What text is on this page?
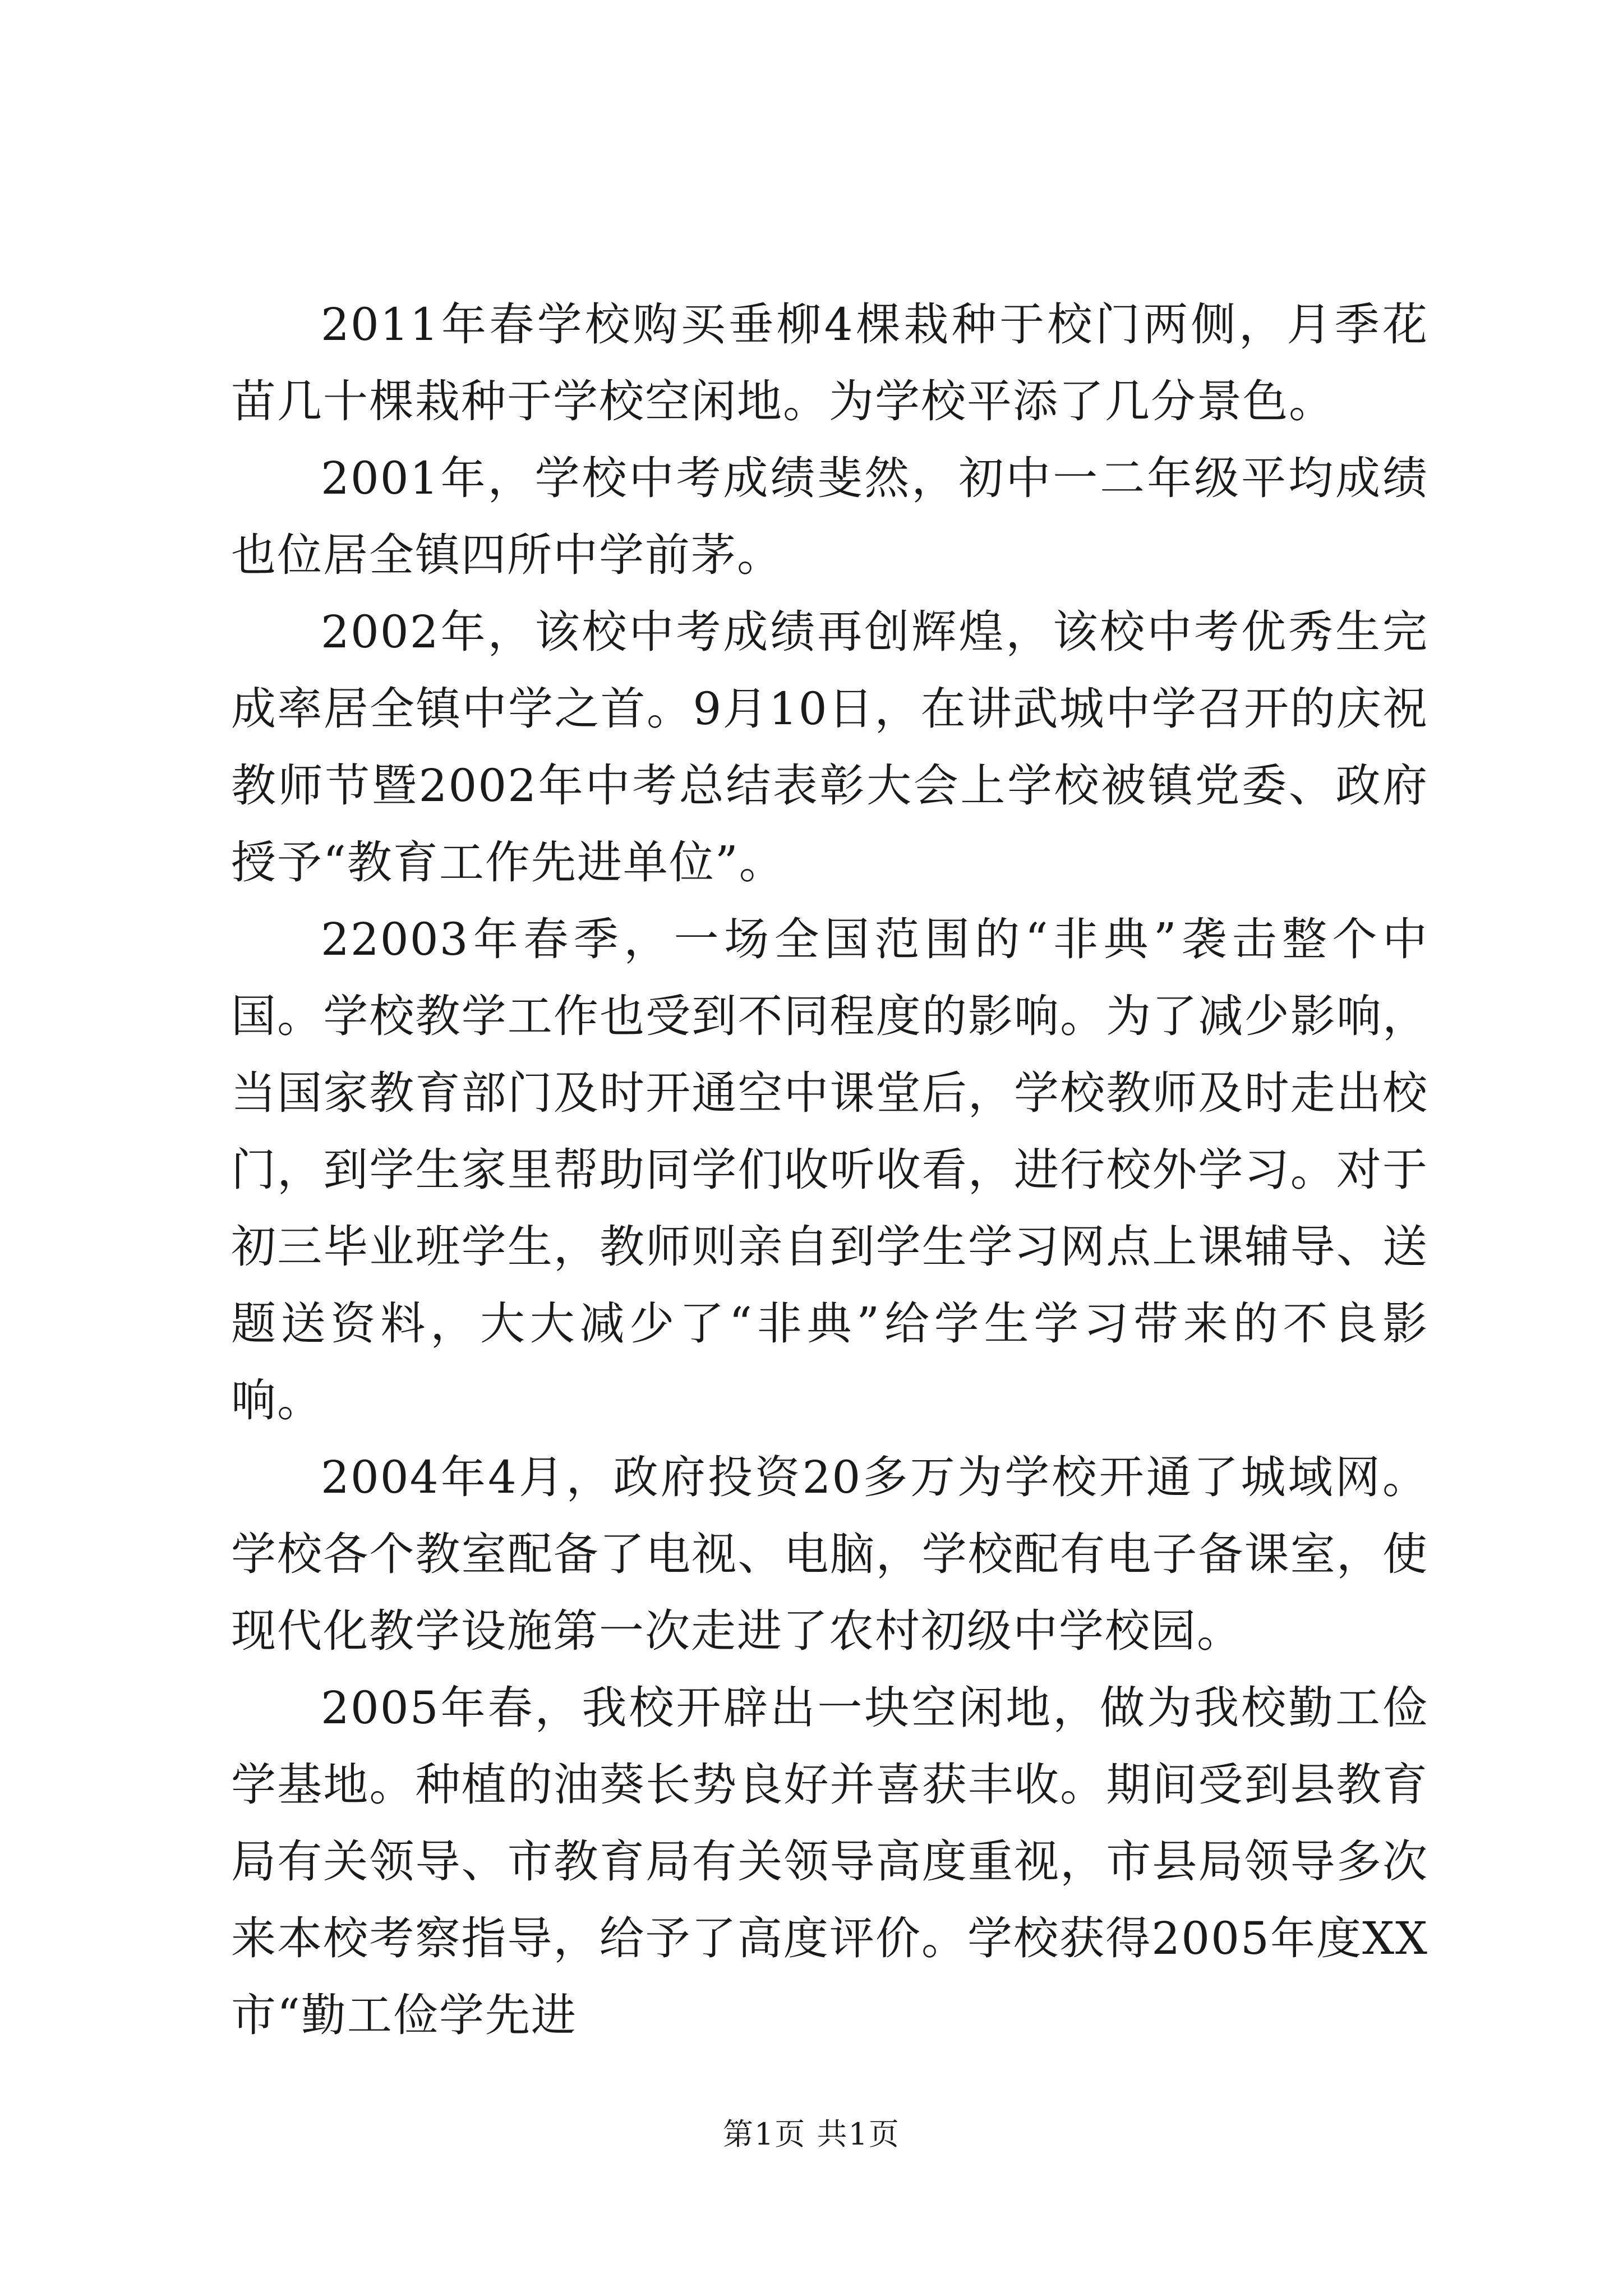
2011年春学校购买垂柳4棵栽种于校门两侧，月季花苗几十棵栽种于学校空闲地。为学校平添了几分景色。

2001年，学校中考成绩斐然，初中一二年级平均成绩也位居全镇四所中学前茅。

2002年，该校中考成绩再创辉煌，该校中考优秀生完成率居全镇中学之首。9月10日，在讲武城中学召开的庆祝教师节暨2002年中考总结表彰大会上学校被镇党委、政府授予“教育工作先进单位”。

22003年春季，一场全国范围的“非典”袭击整个中国。学校教学工作也受到不同程度的影响。为了减少影响，当国家教育部门及时开通空中课堂后，学校教师及时走出校门，到学生家里帮助同学们收听收看，进行校外学习。对于初三毕业班学生，教师则亲自到学生学习网点上课辅导、送题送资料，大大减少了“非典”给学生学习带来的不良影响。

2004年4月，政府投资20多万为学校开通了城域网。学校各个教室配备了电视、电脑，学校配有电子备课室，使现代化教学设施第一次走进了农村初级中学校园。

2005年春，我校开辟出一块空闲地，做为我校勤工俭学基地。种植的油葵长势良好并喜获丰收。期间受到县教育局有关领导、市教育局有关领导高度重视，市县局领导多次来本校考察指导，给予了高度评价。学校获得2005年度XX市“勤工俭学先进

第1页 共1页
